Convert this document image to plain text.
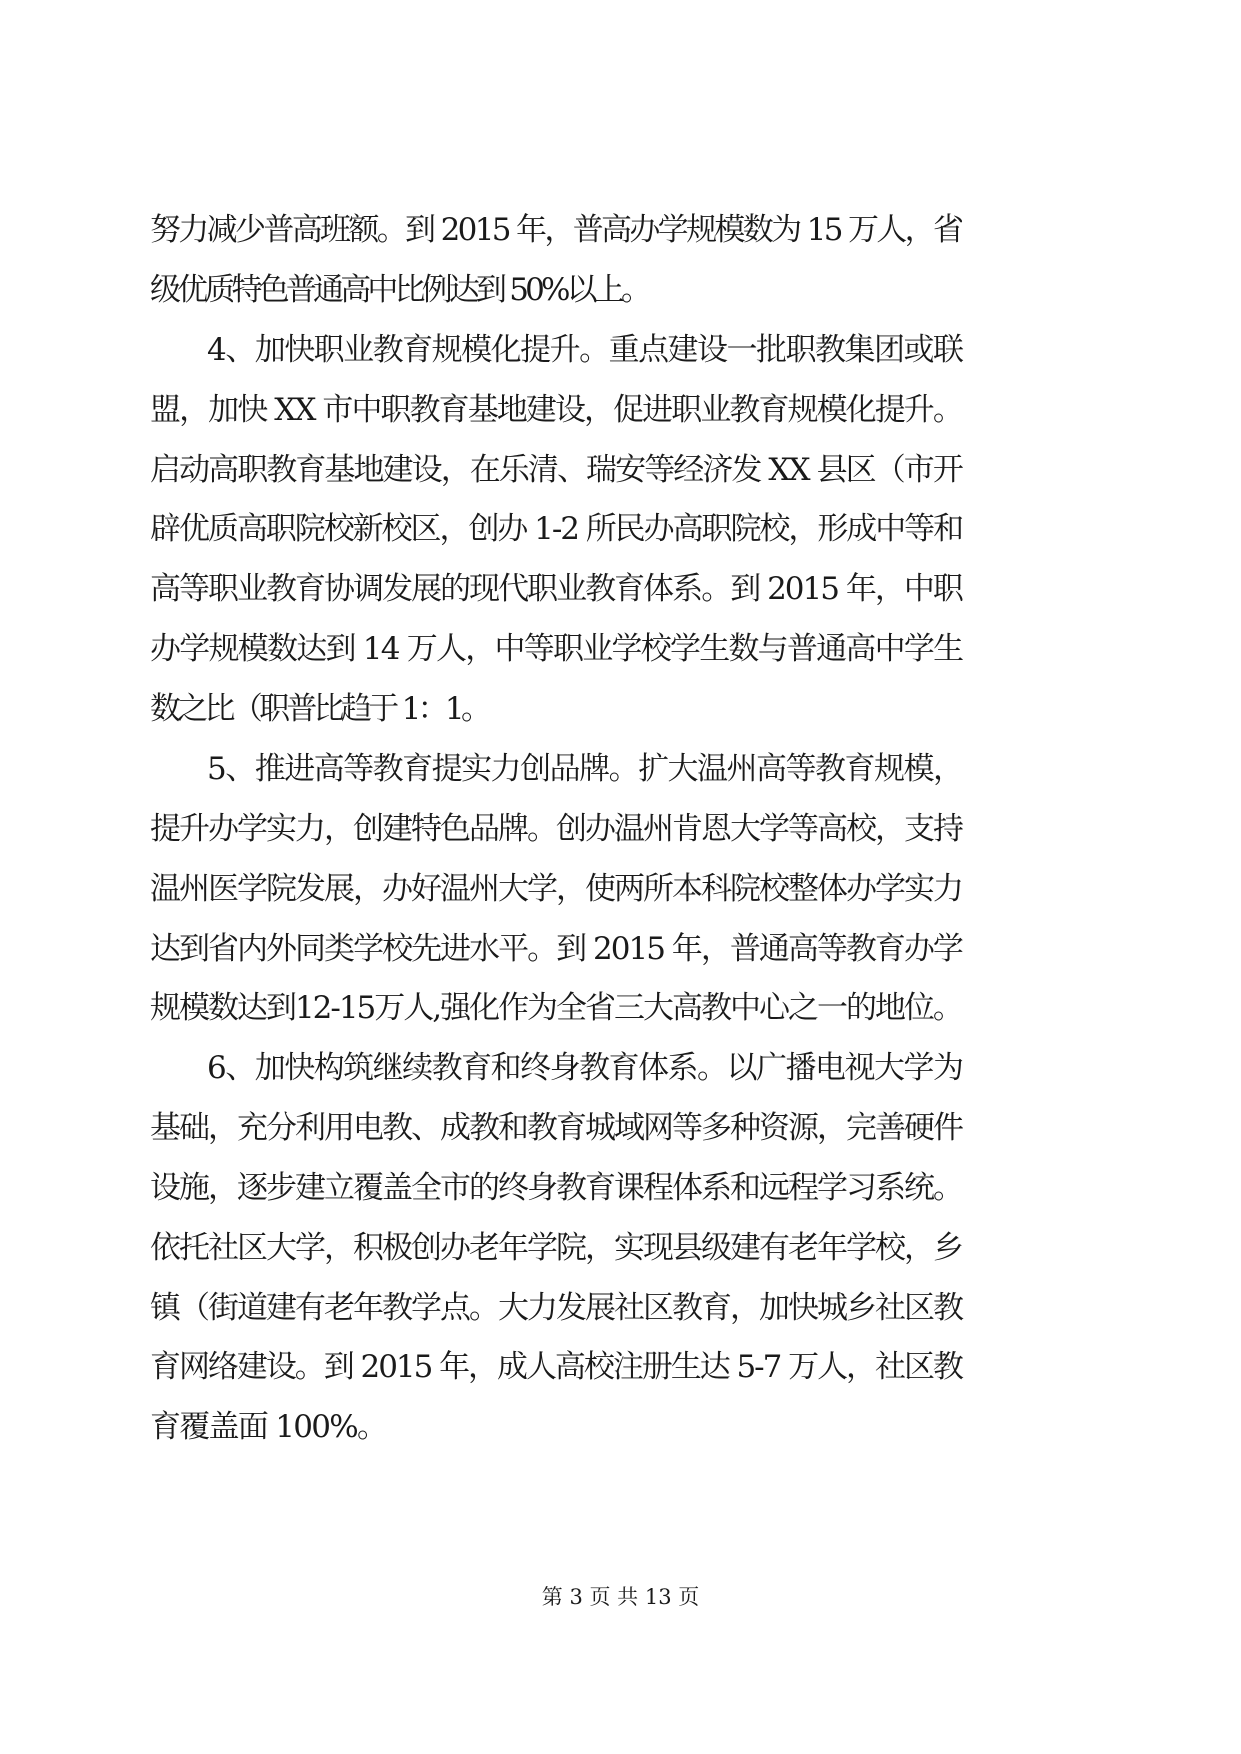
努力减少普高班额。到 2015 年，普高办学规模数为 15 万人，省
级优质特色普通高中比例达到 50%以上。
4、加快职业教育规模化提升。重点建设一批职教集团或联
盟，加快 XX 市中职教育基地建设，促进职业教育规模化提升。
启动高职教育基地建设，在乐清、瑞安等经济发 XX 县区（市开
辟优质高职院校新校区，创办 1-2 所民办高职院校，形成中等和
高等职业教育协调发展的现代职业教育体系。到 2015 年，中职
办学规模数达到 14 万人，中等职业学校学生数与普通高中学生
数之比（职普比趋于 1：1。
5、推进高等教育提实力创品牌。扩大温州高等教育规模，
提升办学实力，创建特色品牌。创办温州肯恩大学等高校，支持
温州医学院发展，办好温州大学，使两所本科院校整体办学实力
达到省内外同类学校先进水平。到 2015 年，普通高等教育办学
规模数达到12-15万人,强化作为全省三大高教中心之一的地位。
6、加快构筑继续教育和终身教育体系。以广播电视大学为
基础，充分利用电教、成教和教育城域网等多种资源，完善硬件
设施，逐步建立覆盖全市的终身教育课程体系和远程学习系统。
依托社区大学，积极创办老年学院，实现县级建有老年学校，乡
镇（街道建有老年教学点。大力发展社区教育，加快城乡社区教
育网络建设。到 2015 年，成人高校注册生达 5-7 万人，社区教
育覆盖面 100%。
第 3 页 共 13 页
